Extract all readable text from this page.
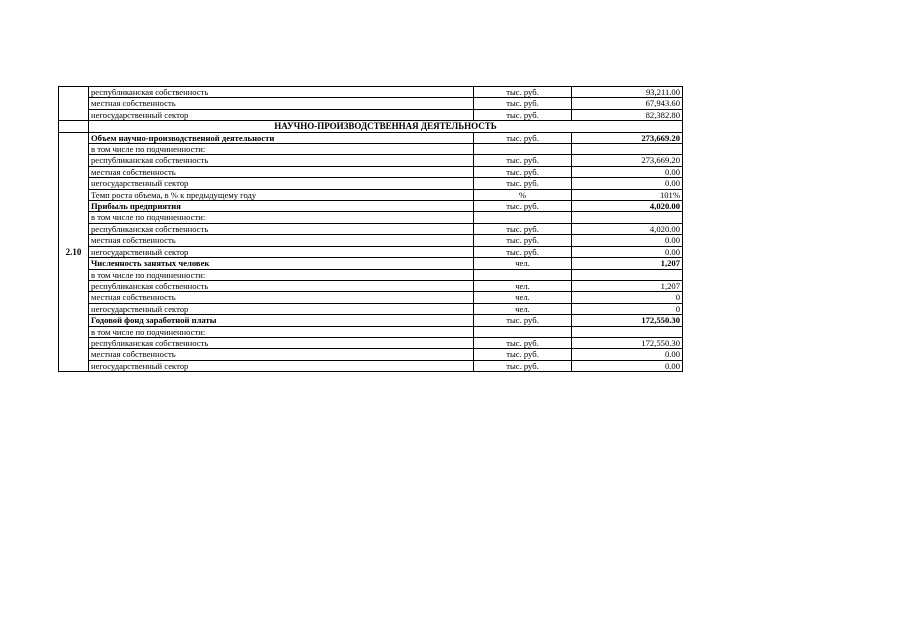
	республиканская собственность	тыс. руб.	93,211.00
	местная собственность	тыс. руб.	67,943.60
	негосударственный сектор	тыс. руб.	82,382.80
	НАУЧНО-ПРОИЗВОДСТВЕННАЯ ДЕЯТЕЛЬНОСТЬ		
2.10	Объем научно-производственной деятельности	тыс. руб.	273,669.20
	в том числе по подчиненности:		
	республиканская собственность	тыс. руб.	273,669.20
	местная собственность	тыс. руб.	0.00
	негосударственный сектор	тыс. руб.	0.00
	Темп роста объема, в % к предыдущему году	%	101%
	Прибыль предприятия	тыс. руб.	4,020.00
	в том числе по подчиненности:		
	республиканская собственность	тыс. руб.	4,020.00
	местная собственность	тыс. руб.	0.00
	негосударственный сектор	тыс. руб.	0.00
	Численность занятых человек	чел.	1,207
	в том числе по подчиненности:		
	республиканская собственность	чел.	1,207
	местная собственность	чел.	0
	негосударственный сектор	чел.	0
	Годовой фонд заработной платы	тыс. руб.	172,550.30
	в том числе по подчиненности:		
	республиканская собственность	тыс. руб.	172,550.30
	местная собственность	тыс. руб.	0.00
	негосударственный сектор	тыс. руб.	0.00
